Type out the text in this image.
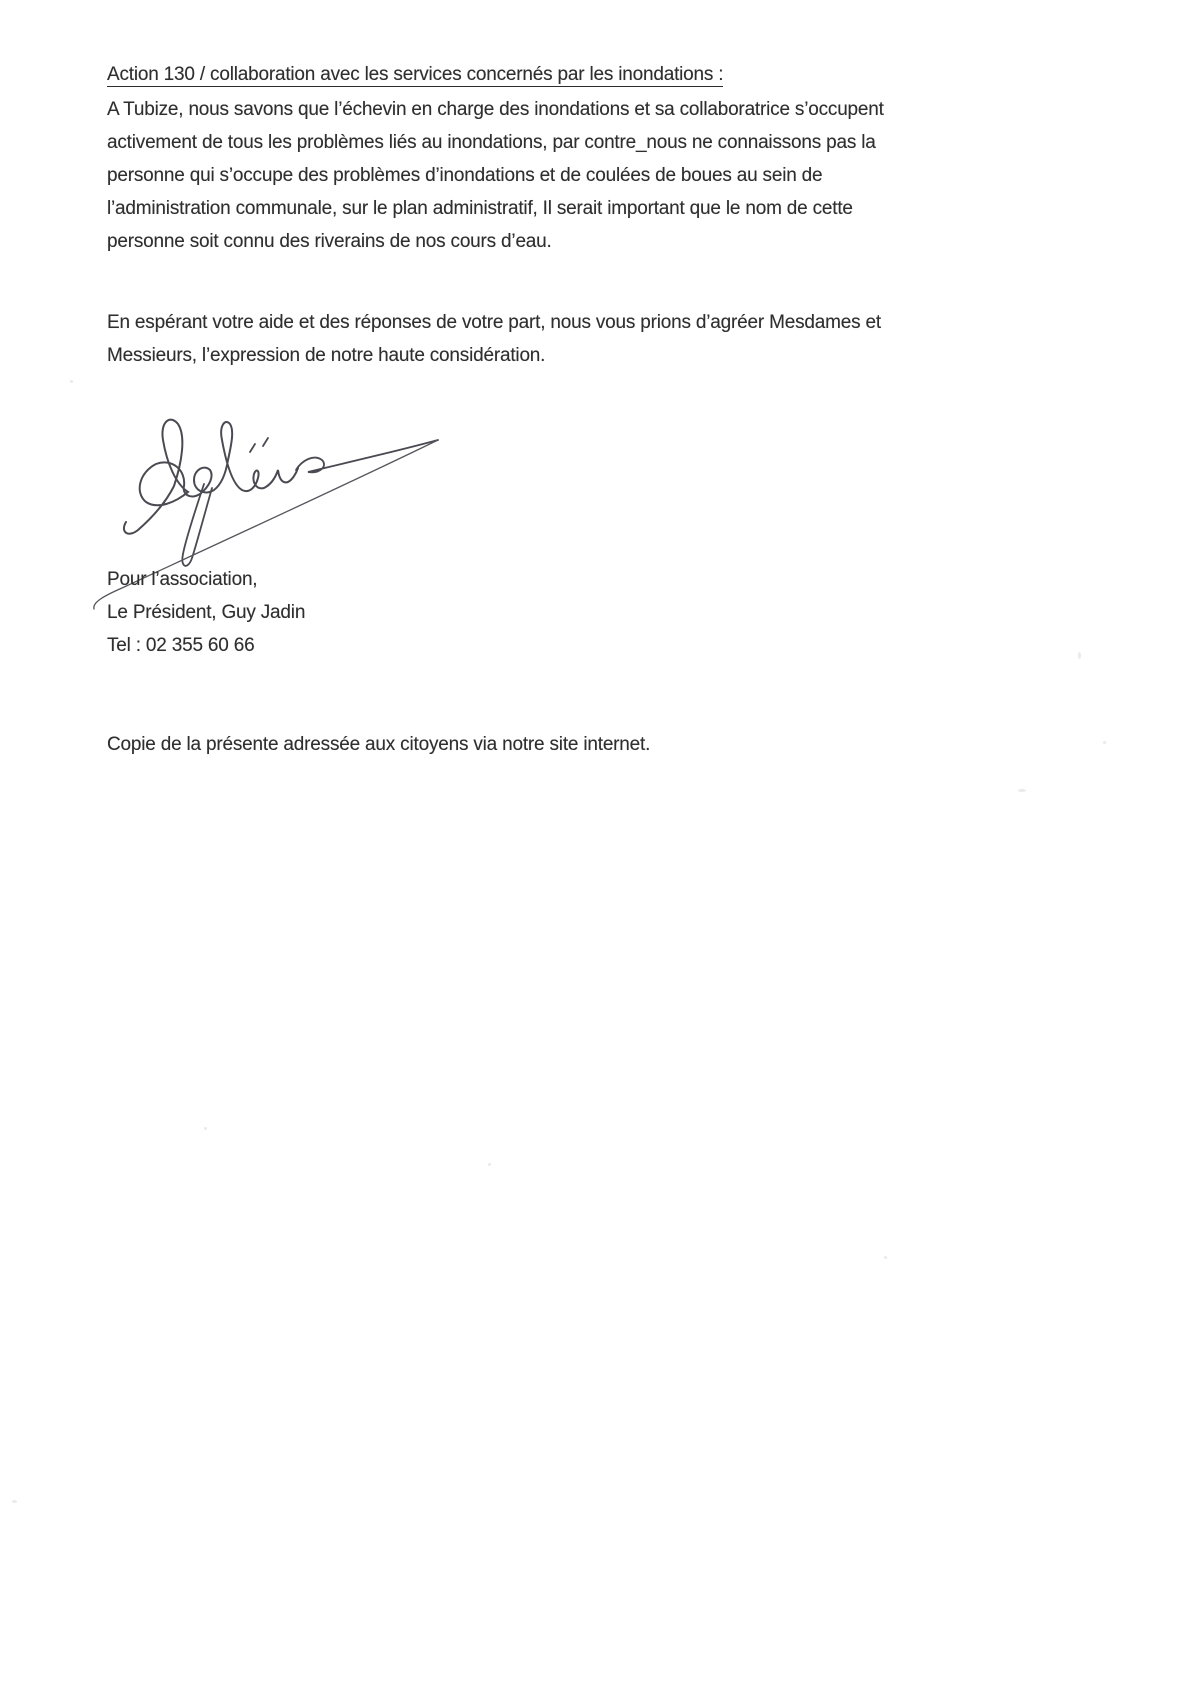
Action 130 / collaboration avec les services concernés par les inondations :
A Tubize, nous savons que l’échevin en charge des inondations et sa collaboratrice s’occupent
activement de tous les problèmes liés au inondations, par contre_nous ne connaissons pas la
personne qui s’occupe des problèmes d’inondations et de coulées de boues au sein de
l’administration communale, sur le plan administratif, Il serait important que le nom de cette
personne soit connu des riverains de nos cours d’eau.
En espérant votre aide et des réponses de votre part, nous vous prions d’agréer Mesdames et
Messieurs, l’expression de notre haute considération.
Pour l’association,
Le Président, Guy Jadin
Tel : 02 355 60 66
Copie de la présente adressée aux citoyens via notre site internet.
